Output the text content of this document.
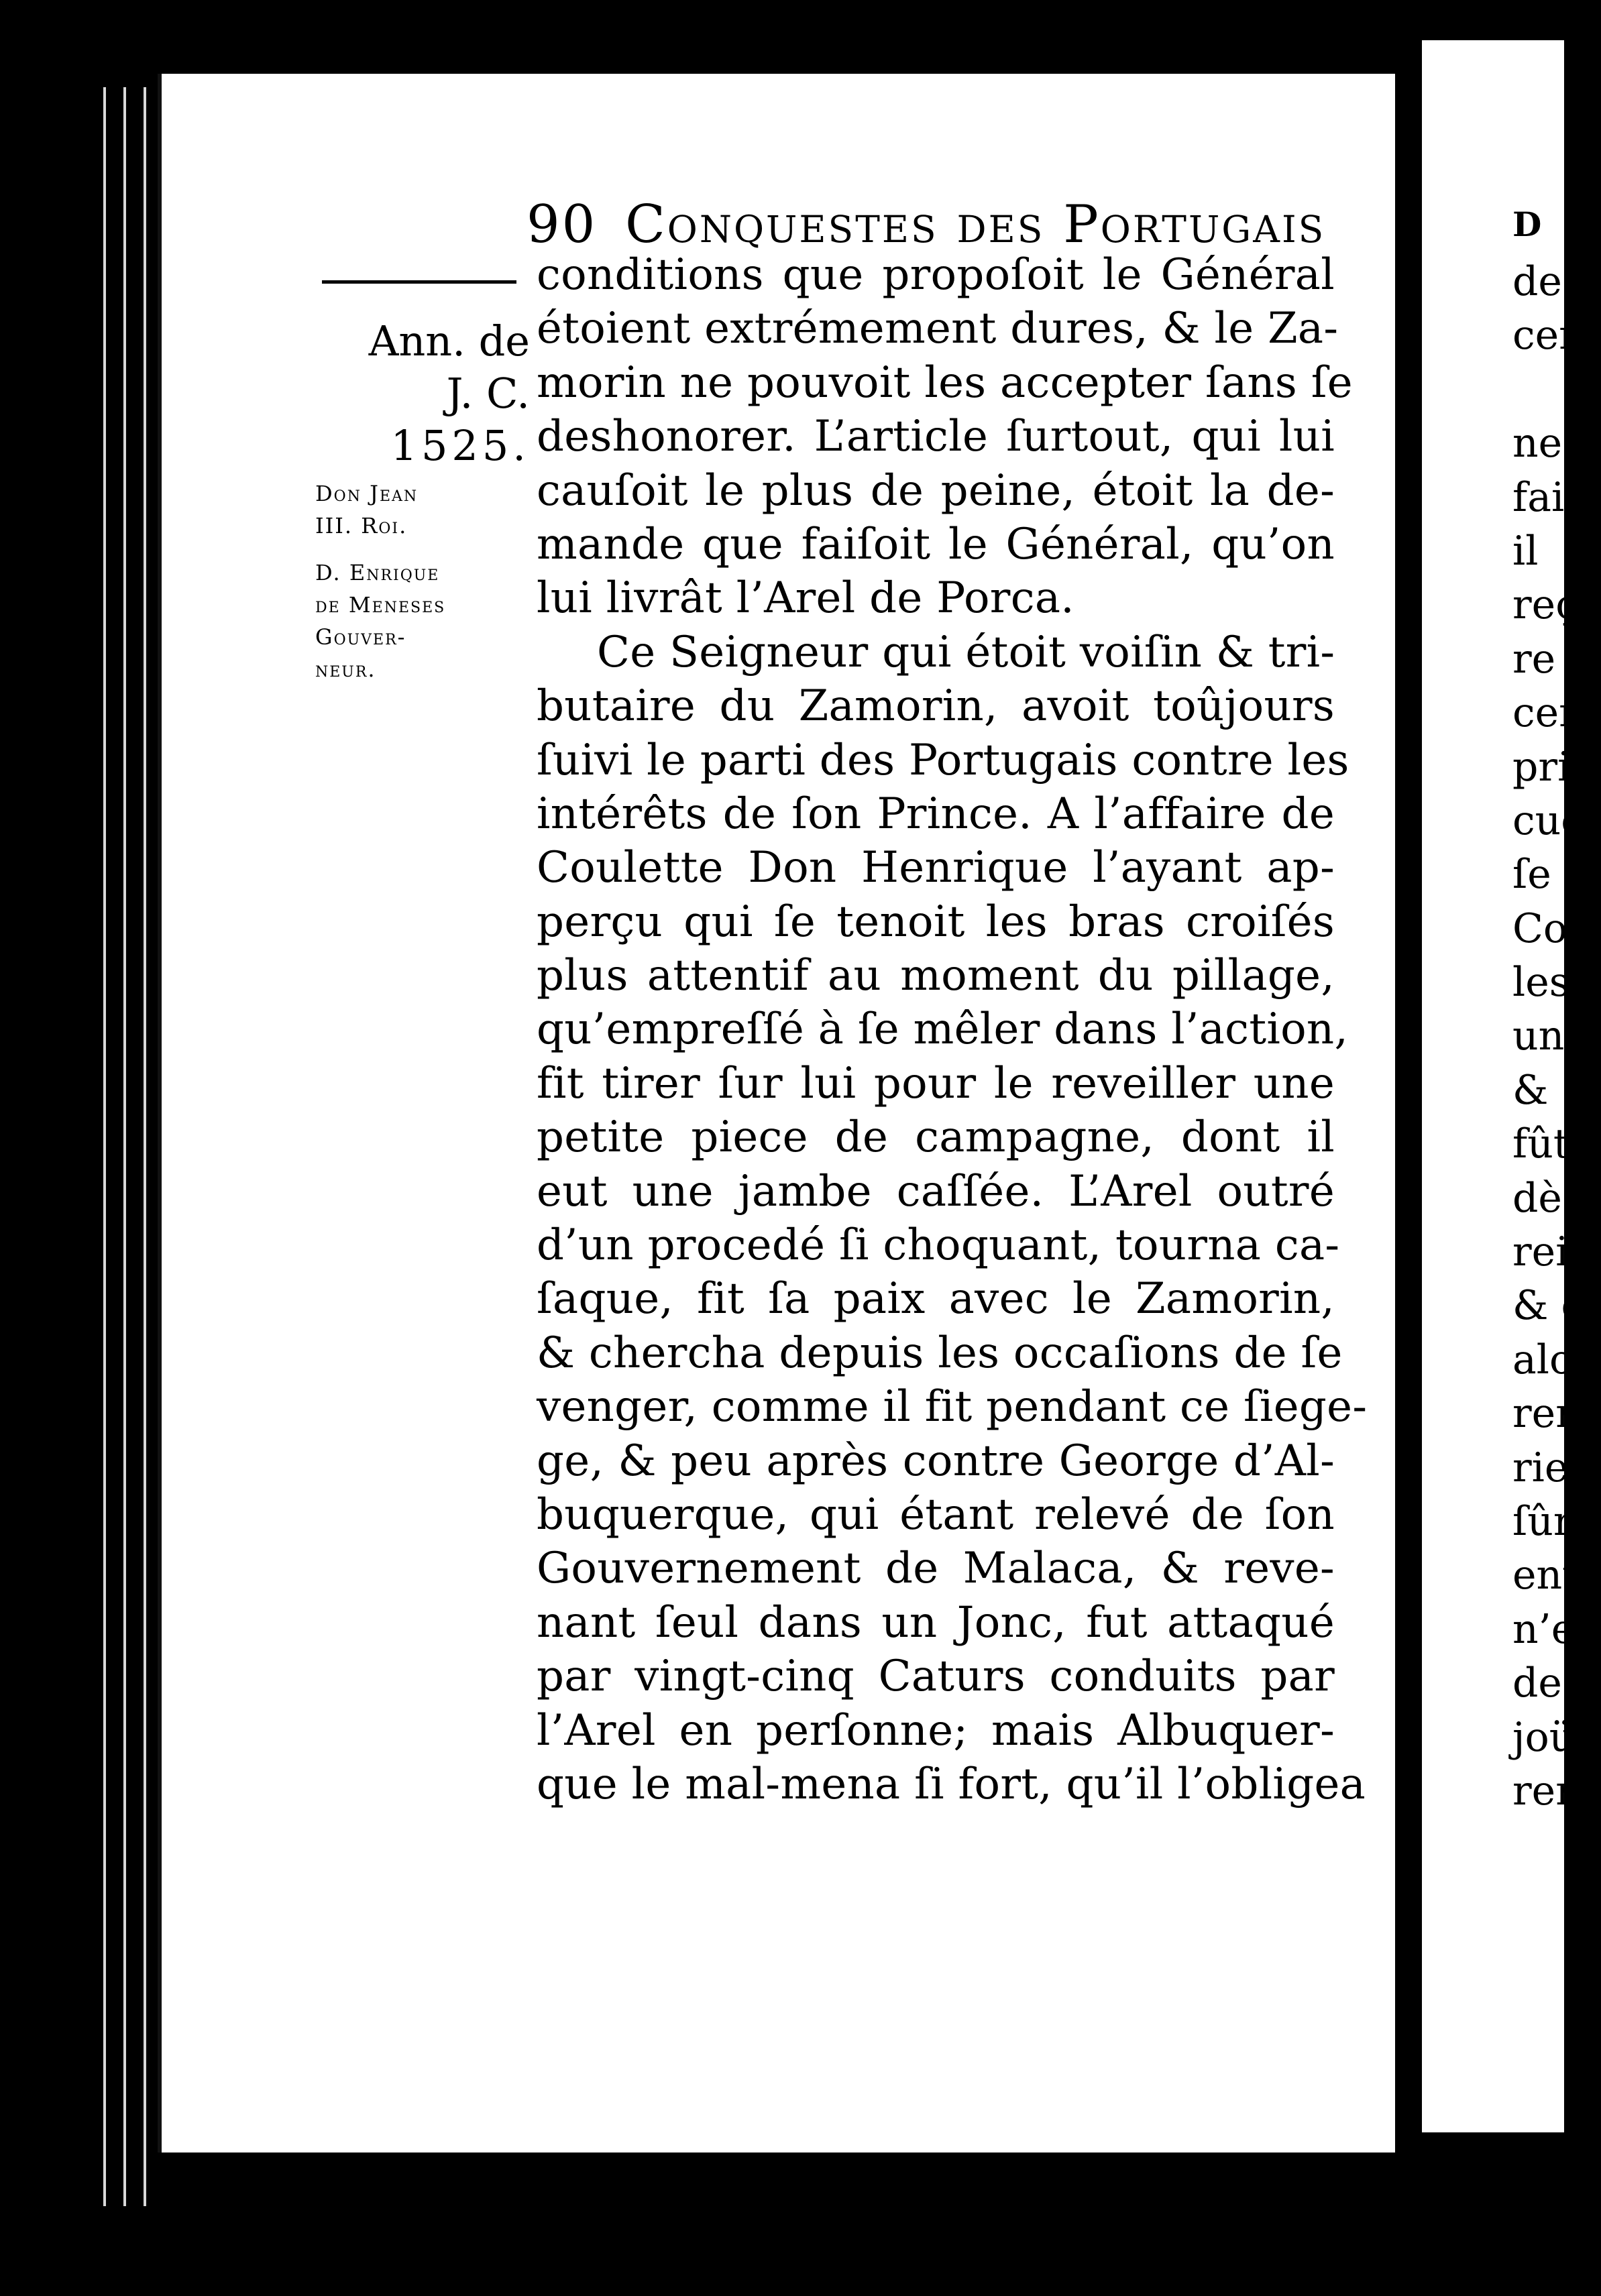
90 Conquestes des Portugais
Ann. de
J. C.
1525.
Don Jean
III. Roi.
D. Enrique
de Meneses
Gouver-
neur.
conditions que propoſoit le Général
étoient extrémement dures, & le Za-
morin ne pouvoit les accepter ſans ſe
deshonorer. L’article ſurtout, qui lui
cauſoit le plus de peine, étoit la de-
mande que faiſoit le Général, qu’on
lui livrât l’Arel de Porca.
Ce Seigneur qui étoit voiſin & tri-
butaire du Zamorin, avoit toûjours
ſuivi le parti des Portugais contre les
intérêts de ſon Prince. A l’affaire de
Coulette Don Henrique l’ayant ap-
perçu qui ſe tenoit les bras croiſés
plus attentif au moment du pillage,
qu’empreſſé à ſe mêler dans l’action,
fit tirer ſur lui pour le reveiller une
petite piece de campagne, dont il
eut une jambe caſſée. L’Arel outré
d’un procedé ſi choquant, tourna ca-
ſaque, fit ſa paix avec le Zamorin,
& chercha depuis les occaſions de ſe
venger, comme il fit pendant ce ſiege-
ge, & peu après contre George d’Al-
buquerque, qui étant relevé de ſon
Gouvernement de Malaca, & reve-
nant ſeul dans un Jonc, fut attaqué
par vingt-cinq Caturs conduits par
l’Arel en perſonne; mais Albuquer-
que le mal-mena ſi fort, qu’il l’obligea
D
de
cer
ne
fai
il
reç
re
cen
pri
cue
ſe
Co
les
une
&
fût
dès
reil
& c
alor
rem
rieu
ſûre
entr
n’eu
de ſ
joüa
rent
